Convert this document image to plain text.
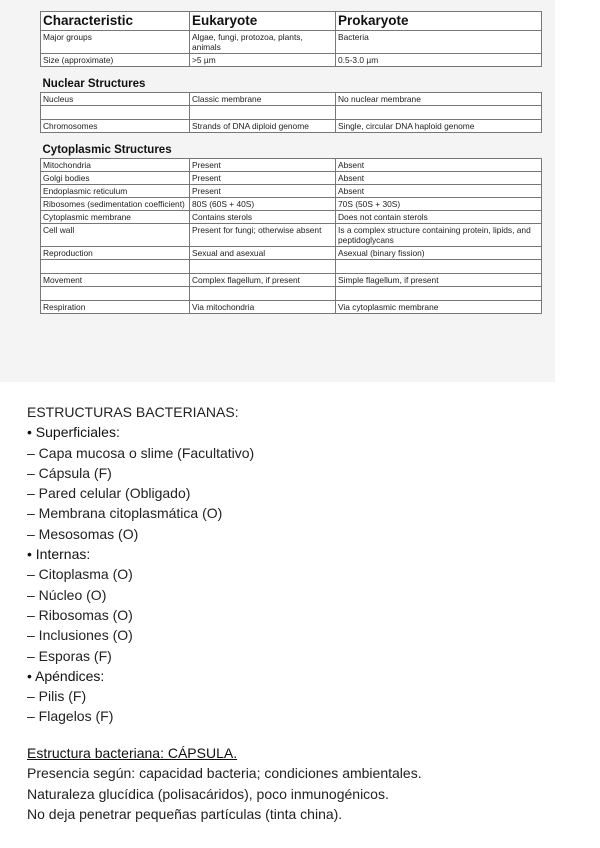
Characteristic	Eukaryote	Prokaryote
Major groups	Algae, fungi, protozoa, plants, animals	Bacteria
Size (approximate)	>5 µm	0.5-3.0 µm
Nuclear Structures		
Nucleus	Classic membrane	No nuclear membrane

Chromosomes	Strands of DNA diploid genome	Single, circular DNA haploid genome
Cytoplasmic Structures		
Mitochondria	Present	Absent
Golgi bodies	Present	Absent
Endoplasmic reticulum	Present	Absent
Ribosomes (sedimentation coefficient)	80S (60S + 40S)	70S (50S + 30S)
Cytoplasmic membrane	Contains sterols	Does not contain sterols
Cell wall	Present for fungi; otherwise absent	Is a complex structure containing protein, lipids, and peptidoglycans
Reproduction	Sexual and asexual	Asexual (binary fission)

Movement	Complex flagellum, if present	Simple flagellum, if present

Respiration	Via mitochondria	Via cytoplasmic membrane
ESTRUCTURAS BACTERIANAS:
• Superficiales:
– Capa mucosa o slime (Facultativo)
– Cápsula (F)
– Pared celular (Obligado)
– Membrana citoplasmática (O)
– Mesosomas (O)
• Internas:
– Citoplasma (O)
– Núcleo (O)
– Ribosomas (O)
– Inclusiones (O)
– Esporas (F)
• Apéndices:
– Pilis (F)
– Flagelos (F)
Estructura bacteriana: CÁPSULA.
Presencia según: capacidad bacteria; condiciones ambientales.
Naturaleza glucídica (polisacáridos), poco inmunogénicos.
No deja penetrar pequeñas partículas (tinta china).
